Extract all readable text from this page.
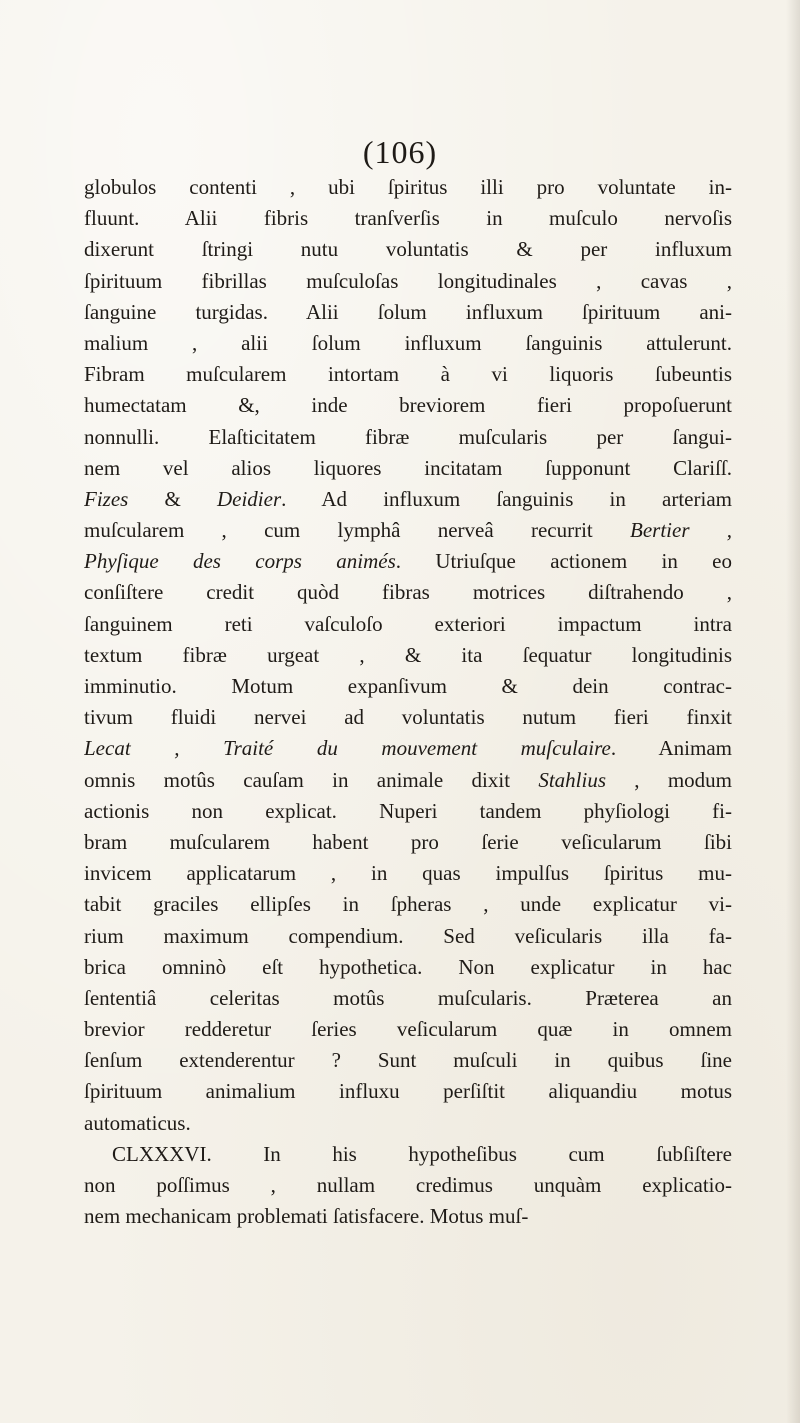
(106)
globulos contenti , ubi ſpiritus illi pro voluntate in-
fluunt. Alii fibris tranſverſis in muſculo nervoſis
dixerunt ſtringi nutu voluntatis & per influxum
ſpirituum fibrillas muſculoſas longitudinales , cavas ,
ſanguine turgidas. Alii ſolum influxum ſpirituum ani-
malium , alii ſolum influxum ſanguinis attulerunt.
Fibram muſcularem intortam à vi liquoris ſubeuntis
humectatam &, inde breviorem fieri propoſuerunt
nonnulli. Elaſticitatem fibræ muſcularis per ſangui-
nem vel alios liquores incitatam ſupponunt Clariſſ.
Fizes & Deidier. Ad influxum ſanguinis in arteriam
muſcularem , cum lymphâ nerveâ recurrit Bertier ,
Phyſique des corps animés. Utriuſque actionem in eo
conſiſtere credit quòd fibras motrices diſtrahendo ,
ſanguinem reti vaſculoſo exteriori impactum intra
textum fibræ urgeat , & ita ſequatur longitudinis
imminutio. Motum expanſivum & dein contrac-
tivum fluidi nervei ad voluntatis nutum fieri finxit
Lecat , Traité du mouvement muſculaire. Animam
omnis motûs cauſam in animale dixit Stahlius , modum
actionis non explicat. Nuperi tandem phyſiologi fi-
bram muſcularem habent pro ſerie veſicularum ſibi
invicem applicatarum , in quas impulſus ſpiritus mu-
tabit graciles ellipſes in ſpheras , unde explicatur vi-
rium maximum compendium. Sed veſicularis illa fa-
brica omninò eſt hypothetica. Non explicatur in hac
ſententiâ celeritas motûs muſcularis. Præterea an
brevior redderetur ſeries veſicularum quæ in omnem
ſenſum extenderentur ? Sunt muſculi in quibus ſine
ſpirituum animalium influxu perſiſtit aliquandiu motus
automaticus.
CLXXXVI. In his hypotheſibus cum ſubſiſtere
non poſſimus , nullam credimus unquàm explicatio-
nem mechanicam problemati ſatisfacere. Motus muſ-
